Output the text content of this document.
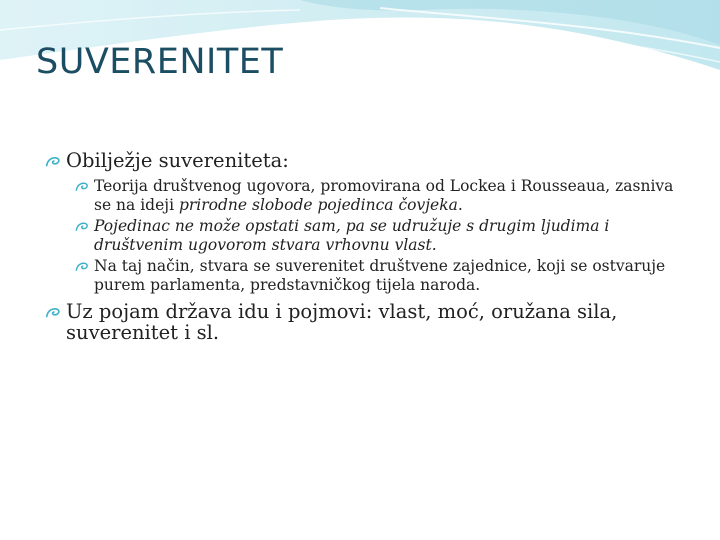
SUVERENITET
Obilježje suvereniteta:
Teorija društvenog ugovora, promovirana od Lockea i Rousseaua, zasniva se na ideji prirodne slobode pojedinca čovjeka.
Pojedinac ne može opstati sam, pa se udružuje s drugim ljudima i društvenim ugovorom stvara vrhovnu vlast.
Na taj način, stvara se suverenitet društvene zajednice, koji se ostvaruje purem parlamenta, predstavničkog tijela naroda.
Uz pojam država idu i pojmovi: vlast, moć, oružana sila, suverenitet i sl.
